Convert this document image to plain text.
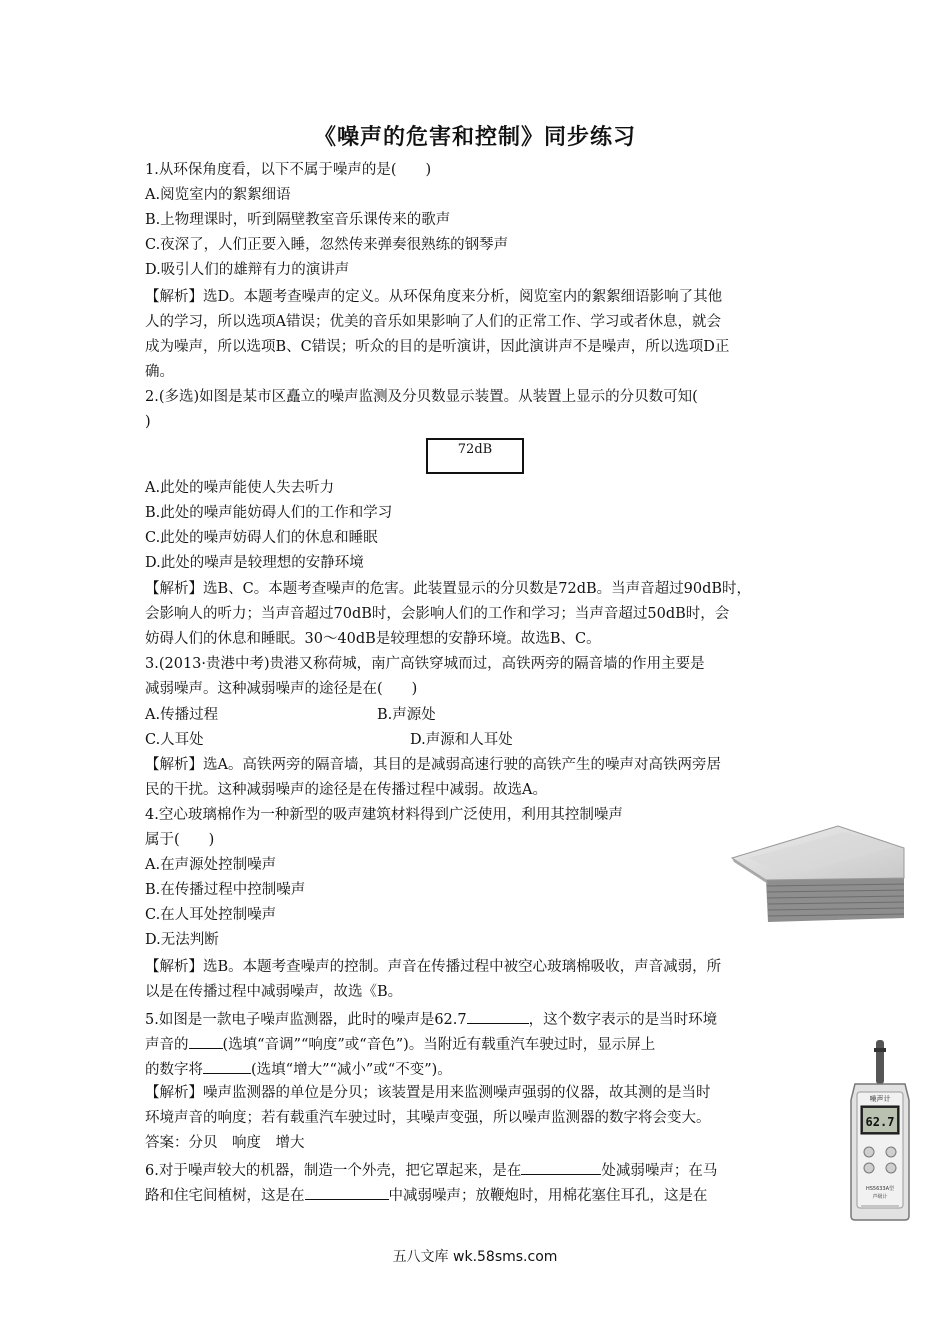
《噪声的危害和控制》同步练习
1.从环保角度看，以下不属于噪声的是(　　)
A.阅览室内的絮絮细语
B.上物理课时，听到隔壁教室音乐课传来的歌声
C.夜深了，人们正要入睡，忽然传来弹奏很熟练的钢琴声
D.吸引人们的雄辩有力的演讲声
【解析】选D。本题考查噪声的定义。从环保角度来分析，阅览室内的絮絮细语影响了其他
人的学习，所以选项A错误；优美的音乐如果影响了人们的正常工作、学习或者休息，就会
成为噪声，所以选项B、C错误；听众的目的是听演讲，因此演讲声不是噪声，所以选项D正
确。
2.(多选)如图是某市区矗立的噪声监测及分贝数显示装置。从装置上显示的分贝数可知(
)
72dB
A.此处的噪声能使人失去听力
B.此处的噪声能妨碍人们的工作和学习
C.此处的噪声妨碍人们的休息和睡眠
D.此处的噪声是较理想的安静环境
【解析】选B、C。本题考查噪声的危害。此装置显示的分贝数是72dB。当声音超过90dB时，
会影响人的听力；当声音超过70dB时，会影响人们的工作和学习；当声音超过50dB时，会
妨碍人们的休息和睡眠。30～40dB是较理想的安静环境。故选B、C。
3.(2013·贵港中考)贵港又称荷城，南广高铁穿城而过，高铁两旁的隔音墙的作用主要是
减弱噪声。这种减弱噪声的途径是在(　　)
A.传播过程	B.声源处
C.人耳处	D.声源和人耳处
【解析】选A。高铁两旁的隔音墙，其目的是减弱高速行驶的高铁产生的噪声对高铁两旁居
民的干扰。这种减弱噪声的途径是在传播过程中减弱。故选A。
4.空心玻璃棉作为一种新型的吸声建筑材料得到广泛使用，利用其控制噪声
属于(　　)
A.在声源处控制噪声
B.在传播过程中控制噪声
C.在人耳处控制噪声
D.无法判断
【解析】选B。本题考查噪声的控制。声音在传播过程中被空心玻璃棉吸收，声音减弱，所
以是在传播过程中减弱噪声，故选《B。
5.如图是一款电子噪声监测器，此时的噪声是62.7	，这个数字表示的是当时环境
声音的 (选填“音调”“响度”或“音色”)。当附近有载重汽车驶过时，显示屏上
的数字将	(选填“增大”“减小”或“不变”)。
【解析】噪声监测器的单位是分贝；该装置是用来监测噪声强弱的仪器，故其测的是当时
环境声音的响度；若有载重汽车驶过时，其噪声变强，所以噪声监测器的数字将会变大。
答案：分贝　响度　增大
噪声计
62.7
HS5633A型
声级计
6.对于噪声较大的机器，制造一个外壳，把它罩起来，是在	处减弱噪声；在马
路和住宅间植树，这是在	中减弱噪声；放鞭炮时，用棉花塞住耳孔，这是在
五八文库 wk.58sms.com
